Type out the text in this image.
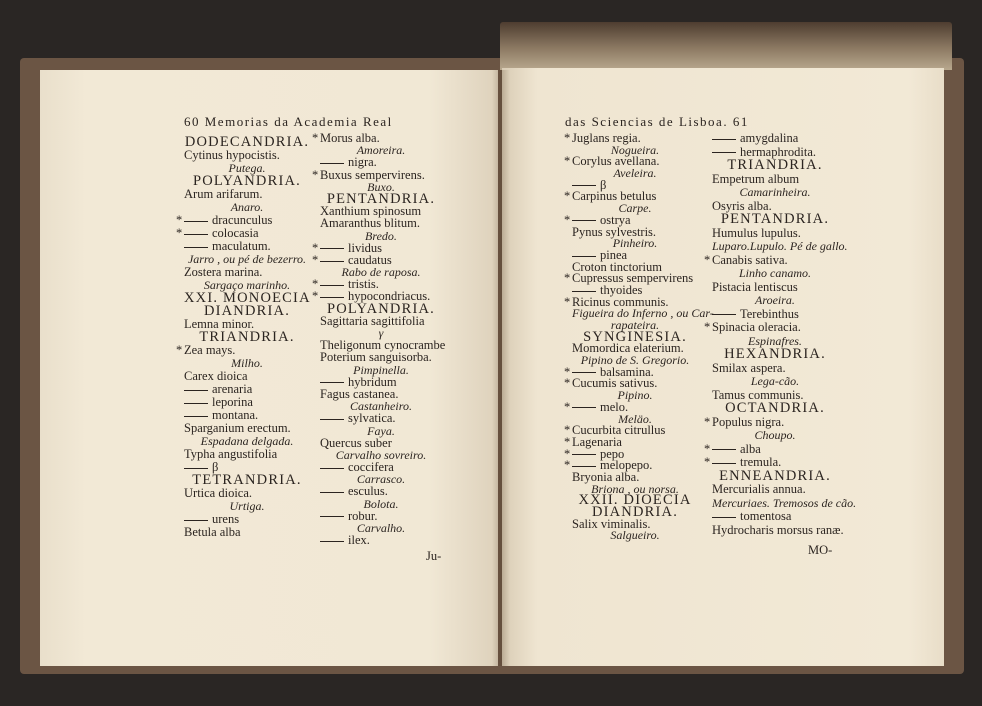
60 Memorias da Academia Real	das Sciencias de Lisboa. 61
DODECANDRIA.
Cytinus hypocistis.
Putega.
POLYANDRIA.
Arum arifarum.
Anaro.
* dracunculus
* colocasia
maculatum.
Jarro , ou pé de bezerro.
Zostera marina.
Sargaço marinho.
XXI. MONOECIA
DIANDRIA.
Lemna minor.
TRIANDRIA.
* Zea mays.
Milho.
Carex dioica
arenaria
leporina
montana.
Sparganium erectum.
Espadana delgada.
Typha angustifolia
β
TETRANDRIA.
Urtica dioica.
Urtiga.
urens
Betula alba
* Morus alba.
Amoreira.
nigra.
* Buxus sempervirens.
Buxo.
PENTANDRIA.
Xanthium spinosum
Amaranthus blitum.
Bredo.
* lividus
* caudatus
Rabo de raposa.
* tristis.
* hypocondriacus.
POLYANDRIA.
Sagittaria sagittifolia
γ
Theligonum cynocrambe
Poterium sanguisorba.
Pimpinella.
hybridum
Fagus castanea.
Castanheiro.
sylvatica.
Faya.
Quercus suber
Carvalho sovreiro.
coccifera
Carrasco.
esculus.
Bolota.
robur.
Carvalho.
ilex.
* Juglans regia.
Nogueira.
* Corylus avellana.
Aveleira.
β
* Carpinus betulus
Carpe.
* ostrya
Pynus sylvestris.
Pinheiro.
pinea
Croton tinctorium
* Cupressus sempervirens
thyoides
* Ricinus communis.
Figueira do Inferno , ou Car-
rapateira.
SYNGINESIA.
Momordica elaterium.
Pipino de S. Gregorio.
* balsamina.
* Cucumis sativus.
Pipino.
* melo.
Meläo.
* Cucurbita citrullus
* Lagenaria
* pepo
* melopepo.
Bryonia alba.
Briona , ou norsa.
XXII. DIOECIA
DIANDRIA.
Salix viminalis.
Salgueiro.
amygdalina
hermaphrodita.
TRIANDRIA.
Empetrum album
Camarinheira.
Osyris alba.
PENTANDRIA.
Humulus lupulus.
Luparo.Lupulo. Pé de gallo.
* Canabis sativa.
Linho canamo.
Pistacia lentiscus
Aroeira.
Terebinthus
* Spinacia oleracia.
Espinafres.
HEXANDRIA.
Smilax aspera.
Lega-cão.
Tamus communis.
OCTANDRIA.
* Populus nigra.
Choupo.
* alba
* tremula.
ENNEANDRIA.
Mercurialis annua.
Mercuriaes. Tremosos de cão.
tomentosa
Hydrocharis morsus ranæ.
Ju-	MO-
